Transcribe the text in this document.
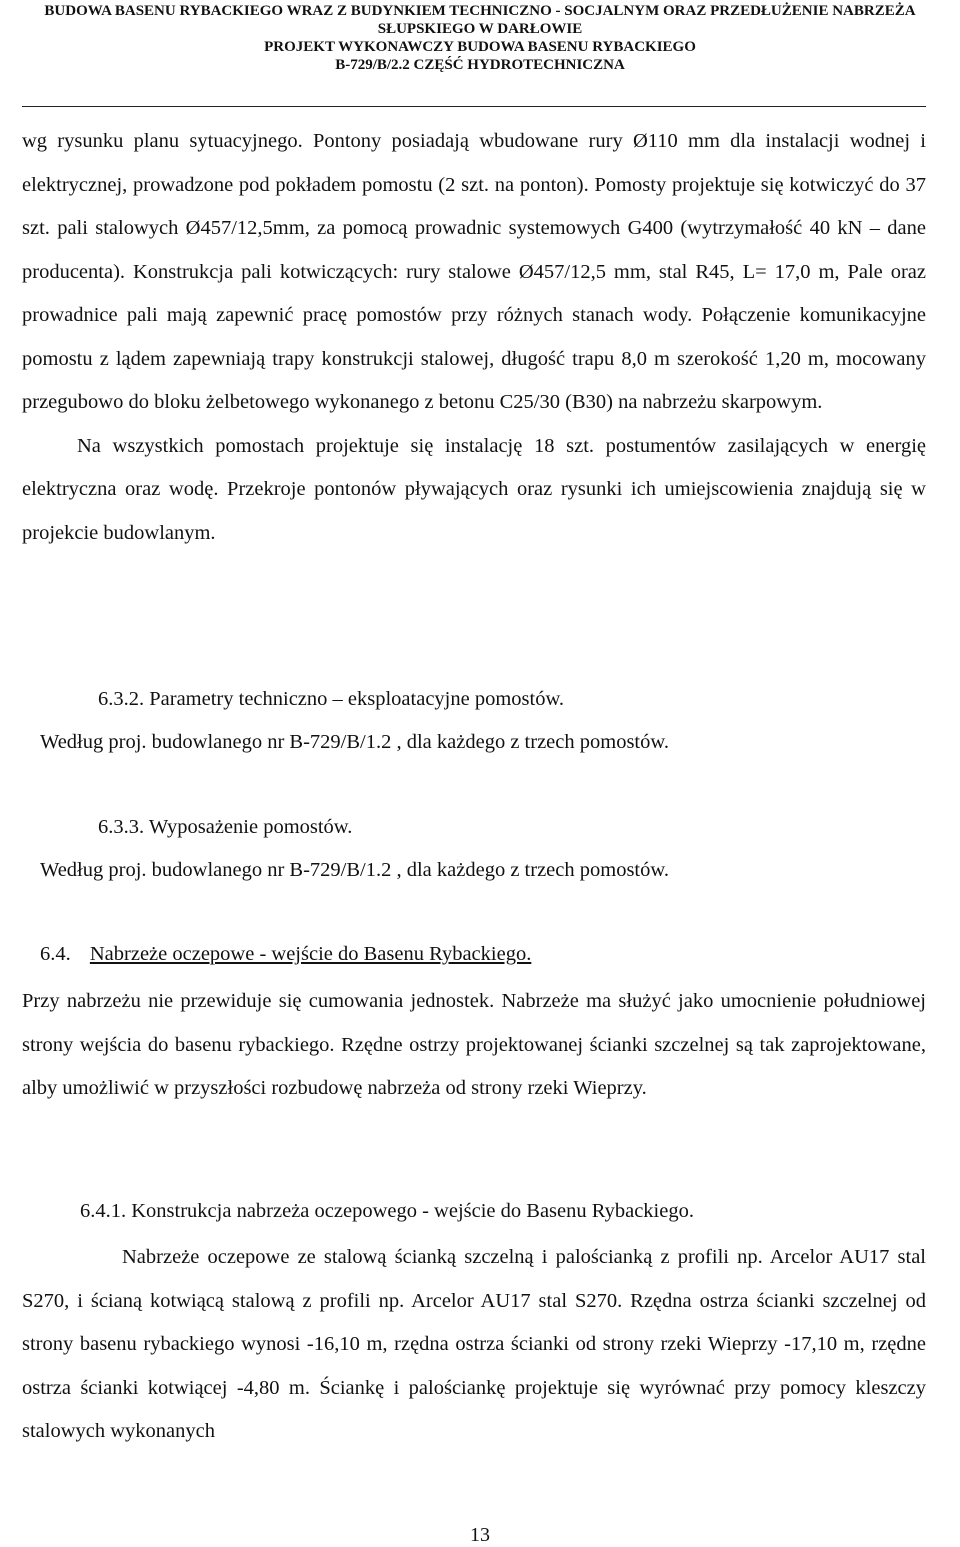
BUDOWA BASENU RYBACKIEGO WRAZ Z BUDYNKIEM TECHNICZNO - SOCJALNYM ORAZ PRZEDŁUŻENIE NABRZEŻA
SŁUPSKIEGO W DARŁOWIE
PROJEKT WYKONAWCZY BUDOWA BASENU RYBACKIEGO
B-729/B/2.2 CZĘŚĆ HYDROTECHNICZNA

wg rysunku planu sytuacyjnego. Pontony posiadają wbudowane rury Ø110 mm dla instalacji wodnej i elektrycznej, prowadzone pod pokładem pomostu (2 szt. na ponton). Pomosty projektuje się kotwiczyć do 37 szt. pali stalowych Ø457/12,5mm, za pomocą prowadnic systemowych G400 (wytrzymałość 40 kN – dane producenta). Konstrukcja pali kotwiczących: rury stalowe Ø457/12,5 mm, stal R45, L= 17,0 m, Pale oraz prowadnice pali mają zapewnić pracę pomostów przy różnych stanach wody. Połączenie komunikacyjne pomostu z lądem zapewniają trapy konstrukcji stalowej, długość trapu 8,0 m szerokość 1,20 m, mocowany przegubowo do bloku żelbetowego wykonanego z betonu C25/30 (B30) na nabrzeżu skarpowym.

Na wszystkich pomostach projektuje się instalację 18 szt. postumentów zasilających w energię elektryczna oraz wodę. Przekroje pontonów pływających oraz rysunki ich umiejscowienia znajdują się w projekcie budowlanym.

6.3.2. Parametry techniczno – eksploatacyjne pomostów.
Według proj. budowlanego nr B-729/B/1.2 , dla każdego z trzech pomostów.
6.3.3. Wyposażenie pomostów.
Według proj. budowlanego nr B-729/B/1.2 , dla każdego z trzech pomostów.
6.4. Nabrzeże oczepowe - wejście do Basenu Rybackiego.

Przy nabrzeżu nie przewiduje się cumowania jednostek. Nabrzeże ma służyć jako umocnienie południowej strony wejścia do basenu rybackiego. Rzędne ostrzy projektowanej ścianki szczelnej są tak zaprojektowane, alby umożliwić w przyszłości rozbudowę nabrzeża od strony rzeki Wieprzy.

6.4.1. Konstrukcja nabrzeża oczepowego - wejście do Basenu Rybackiego.

Nabrzeże oczepowe ze stalową ścianką szczelną i palościanką z profili np. Arcelor AU17 stal S270, i ścianą kotwiącą stalową z profili np. Arcelor AU17 stal S270. Rzędna ostrza ścianki szczelnej od strony basenu rybackiego wynosi -16,10 m, rzędna ostrza ścianki od strony rzeki Wieprzy -17,10 m, rzędne ostrza ścianki kotwiącej -4,80 m. Ściankę i palościankę projektuje się wyrównać przy pomocy kleszczy stalowych wykonanych

13
